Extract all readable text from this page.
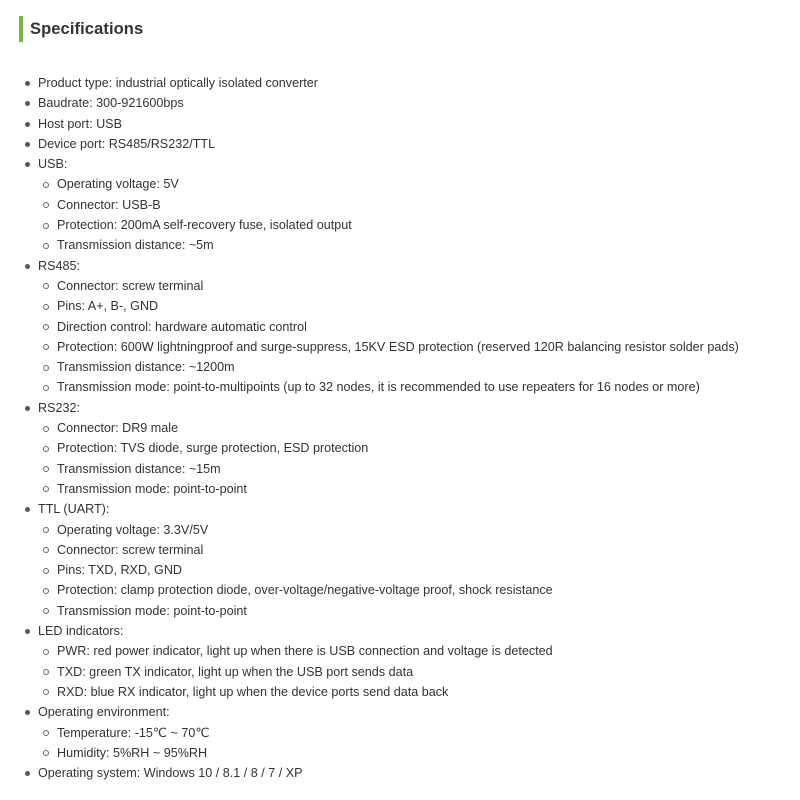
Specifications
Product type: industrial optically isolated converter
Baudrate: 300-921600bps
Host port: USB
Device port: RS485/RS232/TTL
USB:
Operating voltage: 5V
Connector: USB-B
Protection: 200mA self-recovery fuse, isolated output
Transmission distance: ~5m
RS485:
Connector: screw terminal
Pins: A+, B-, GND
Direction control: hardware automatic control
Protection: 600W lightningproof and surge-suppress, 15KV ESD protection (reserved 120R balancing resistor solder pads)
Transmission distance: ~1200m
Transmission mode: point-to-multipoints (up to 32 nodes, it is recommended to use repeaters for 16 nodes or more)
RS232:
Connector: DR9 male
Protection: TVS diode, surge protection, ESD protection
Transmission distance: ~15m
Transmission mode: point-to-point
TTL (UART):
Operating voltage: 3.3V/5V
Connector: screw terminal
Pins: TXD, RXD, GND
Protection: clamp protection diode, over-voltage/negative-voltage proof, shock resistance
Transmission mode: point-to-point
LED indicators:
PWR: red power indicator, light up when there is USB connection and voltage is detected
TXD: green TX indicator, light up when the USB port sends data
RXD: blue RX indicator, light up when the device ports send data back
Operating environment:
Temperature: -15℃ ~ 70℃
Humidity: 5%RH ~ 95%RH
Operating system: Windows 10 / 8.1 / 8 / 7 / XP
